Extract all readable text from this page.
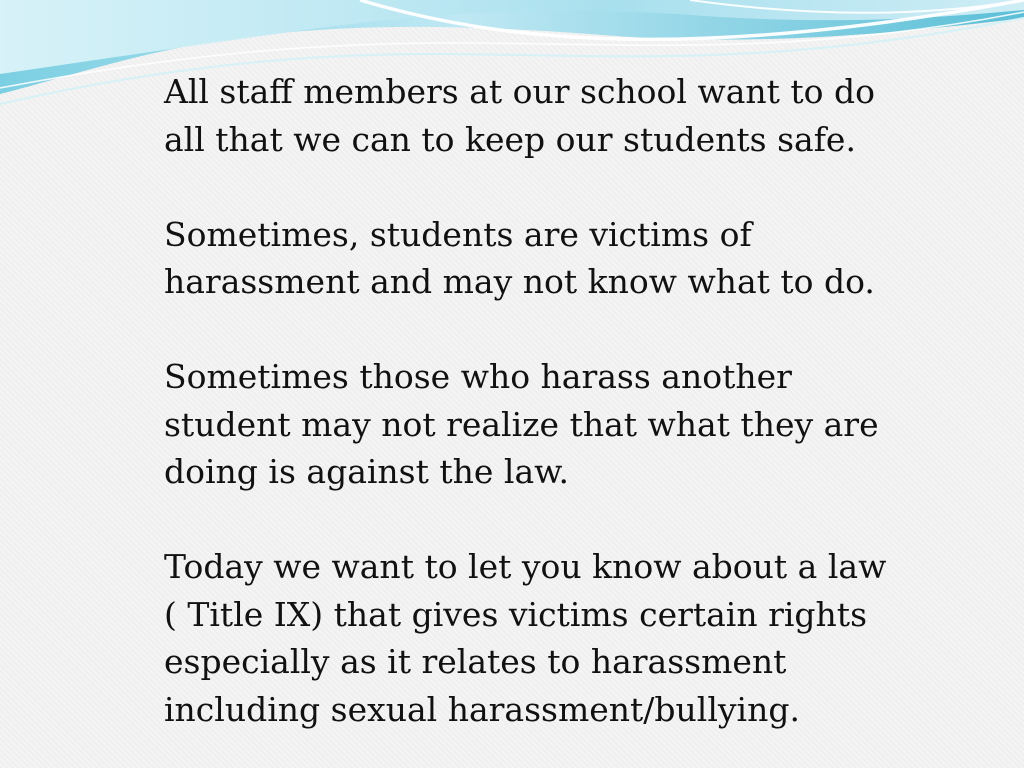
All staff members at our school want to do
all that we can to keep our students safe.
Sometimes, students are victims of
harassment and may not know what to do.
Sometimes those who harass another
student may not realize that what they are
doing is against the law.
Today we want to let you know about a law
( Title IX) that gives victims certain rights
especially as it relates to harassment
including sexual harassment/bullying.
